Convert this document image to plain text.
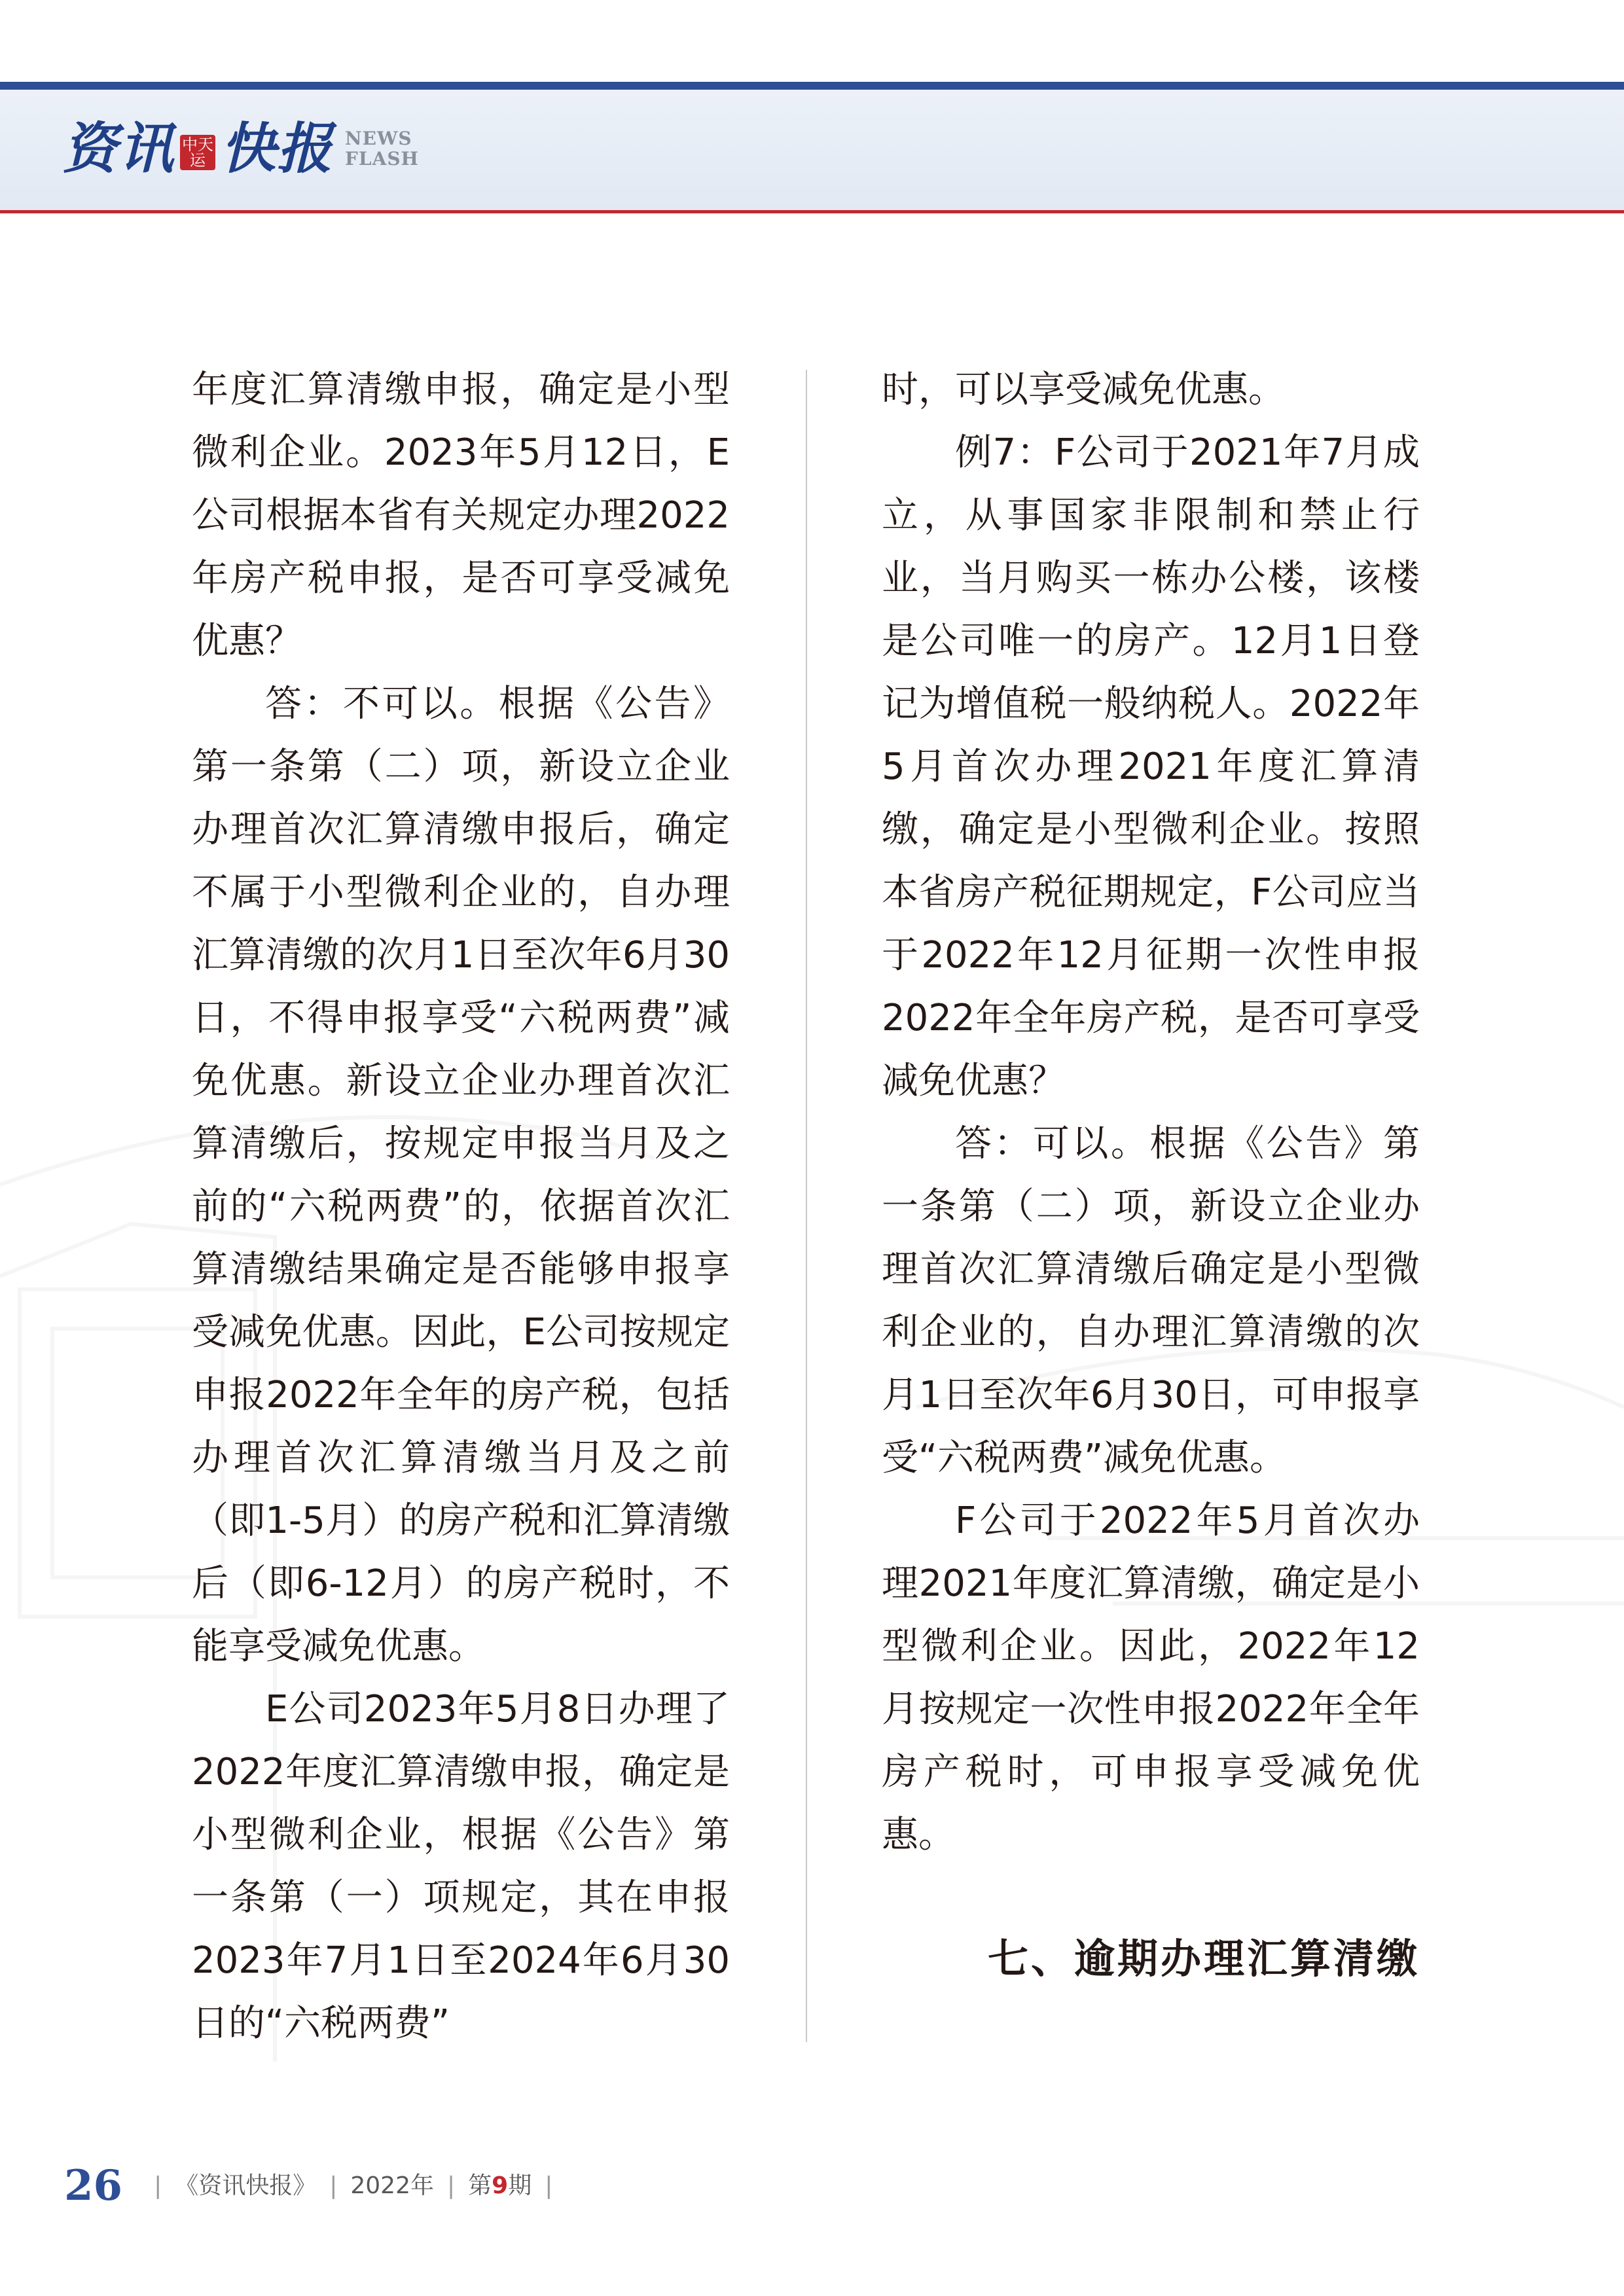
资讯 中天运 快报 NEWS
FLASH

年度汇算清缴申报，确定是小型微利企业。2023年5月12日，E公司根据本省有关规定办理2022年房产税申报，是否可享受减免优惠？

答：不可以。根据《公告》第一条第（二）项，新设立企业办理首次汇算清缴申报后，确定不属于小型微利企业的，自办理汇算清缴的次月1日至次年6月30日，不得申报享受“六税两费”减免优惠。新设立企业办理首次汇算清缴后，按规定申报当月及之前的“六税两费”的，依据首次汇算清缴结果确定是否能够申报享受减免优惠。因此，E公司按规定申报2022年全年的房产税，包括办理首次汇算清缴当月及之前（即1-5月）的房产税和汇算清缴后（即6-12月）的房产税时，不能享受减免优惠。

E公司2023年5月8日办理了2022年度汇算清缴申报，确定是小型微利企业，根据《公告》第一条第（一）项规定，其在申报2023年7月1日至2024年6月30日的“六税两费”

时，可以享受减免优惠。

例7：F公司于2021年7月成立，从事国家非限制和禁止行业，当月购买一栋办公楼，该楼是公司唯一的房产。12月1日登记为增值税一般纳税人。2022年5月首次办理2021年度汇算清缴，确定是小型微利企业。按照本省房产税征期规定，F公司应当于2022年12月征期一次性申报2022年全年房产税，是否可享受减免优惠？

答：可以。根据《公告》第一条第（二）项，新设立企业办理首次汇算清缴后确定是小型微利企业的，自办理汇算清缴的次月1日至次年6月30日，可申报享受“六税两费”减免优惠。

F公司于2022年5月首次办理2021年度汇算清缴，确定是小型微利企业。因此，2022年12月按规定一次性申报2022年全年房产税时，可申报享受减免优惠。

七、逾期办理汇算清缴
26 | 《资讯快报》 | 2022年 | 第9期 |
